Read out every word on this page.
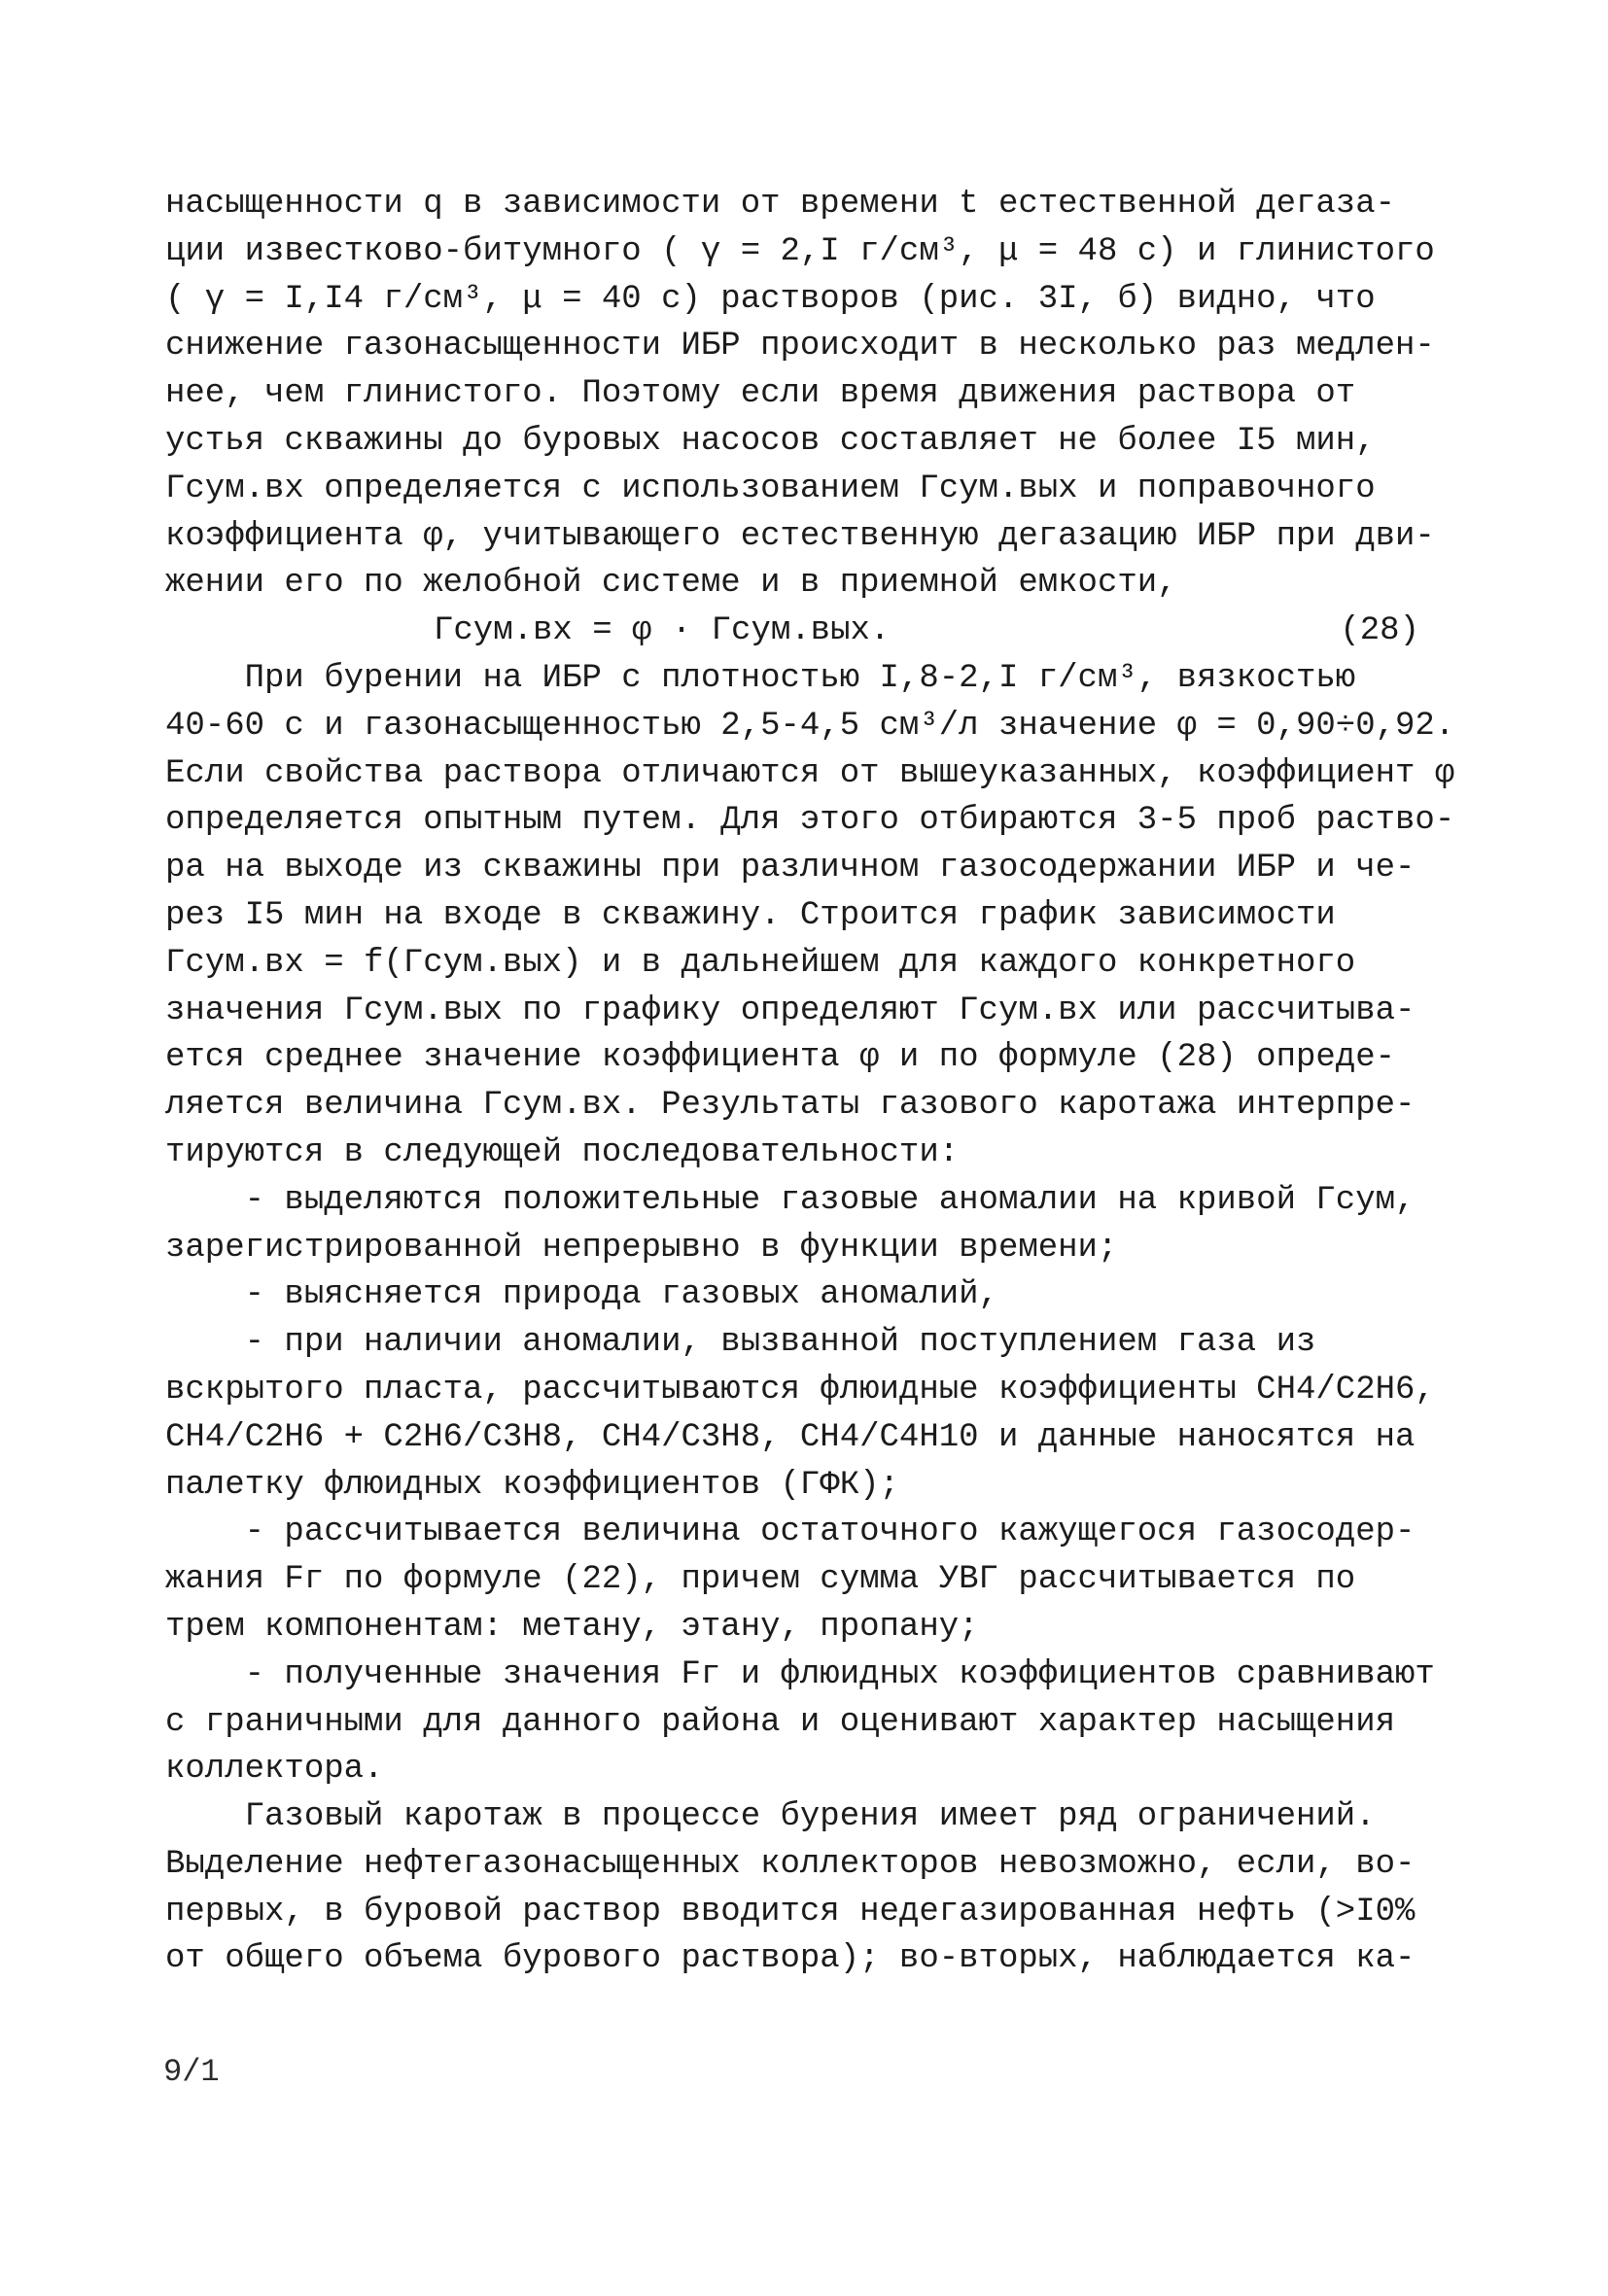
насыщенности q в зависимости от времени t естественной дегаза-
ции известково-битумного ( γ = 2,I г/см³, μ = 48 с) и глинистого
( γ = I,I4 г/см³, μ = 40 с) растворов (рис. 3I, б) видно, что
снижение газонасыщенности ИБР происходит в несколько раз медлен-
нее, чем глинистого. Поэтому если время движения раствора от
устья скважины до буровых насосов составляет не более I5 мин,
Гсум.вх определяется с использованием Гсум.вых и поправочного
коэффициента φ, учитывающего естественную дегазацию ИБР при дви-
жении его по желобной системе и в приемной емкости,

Гсум.вх = φ · Гсум.вых.

	(28)

При бурении на ИБР с плотностью I,8-2,I г/см³, вязкостью
40-60 с и газонасыщенностью 2,5-4,5 см³/л значение φ = 0,90÷0,92.
Если свойства раствора отличаются от вышеуказанных, коэффициент φ
определяется опытным путем. Для этого отбираются 3-5 проб раство-
ра на выходе из скважины при различном газосодержании ИБР и че-
рез I5 мин на входе в скважину. Строится график зависимости
Гсум.вх = f(Гсум.вых) и в дальнейшем для каждого конкретного
значения Гсум.вых по графику определяют Гсум.вх или рассчитыва-
ется среднее значение коэффициента φ и по формуле (28) опреде-
ляется величина Гсум.вх. Результаты газового каротажа интерпре-
тируются в следующей последовательности:
- выделяются положительные газовые аномалии на кривой Гсум,
зарегистрированной непрерывно в функции времени;
- выясняется природа газовых аномалий,
- при наличии аномалии, вызванной поступлением газа из
вскрытого пласта, рассчитываются флюидные коэффициенты CH4/C2H6,
CH4/C2H6 + C2H6/C3H8, CH4/C3H8, CH4/C4H10 и данные наносятся на
палетку флюидных коэффициентов (ГФК);
- рассчитывается величина остаточного кажущегося газосодер-
жания Fг по формуле (22), причем сумма УВГ рассчитывается по
трем компонентам: метану, этану, пропану;
- полученные значения Fг и флюидных коэффициентов сравнивают
с граничными для данного района и оценивают характер насыщения
коллектора.
Газовый каротаж в процессе бурения имеет ряд ограничений.
Выделение нефтегазонасыщенных коллекторов невозможно, если, во-
первых, в буровой раствор вводится недегазированная нефть (>I0%
от общего объема бурового раствора); во-вторых, наблюдается ка-
9/1
